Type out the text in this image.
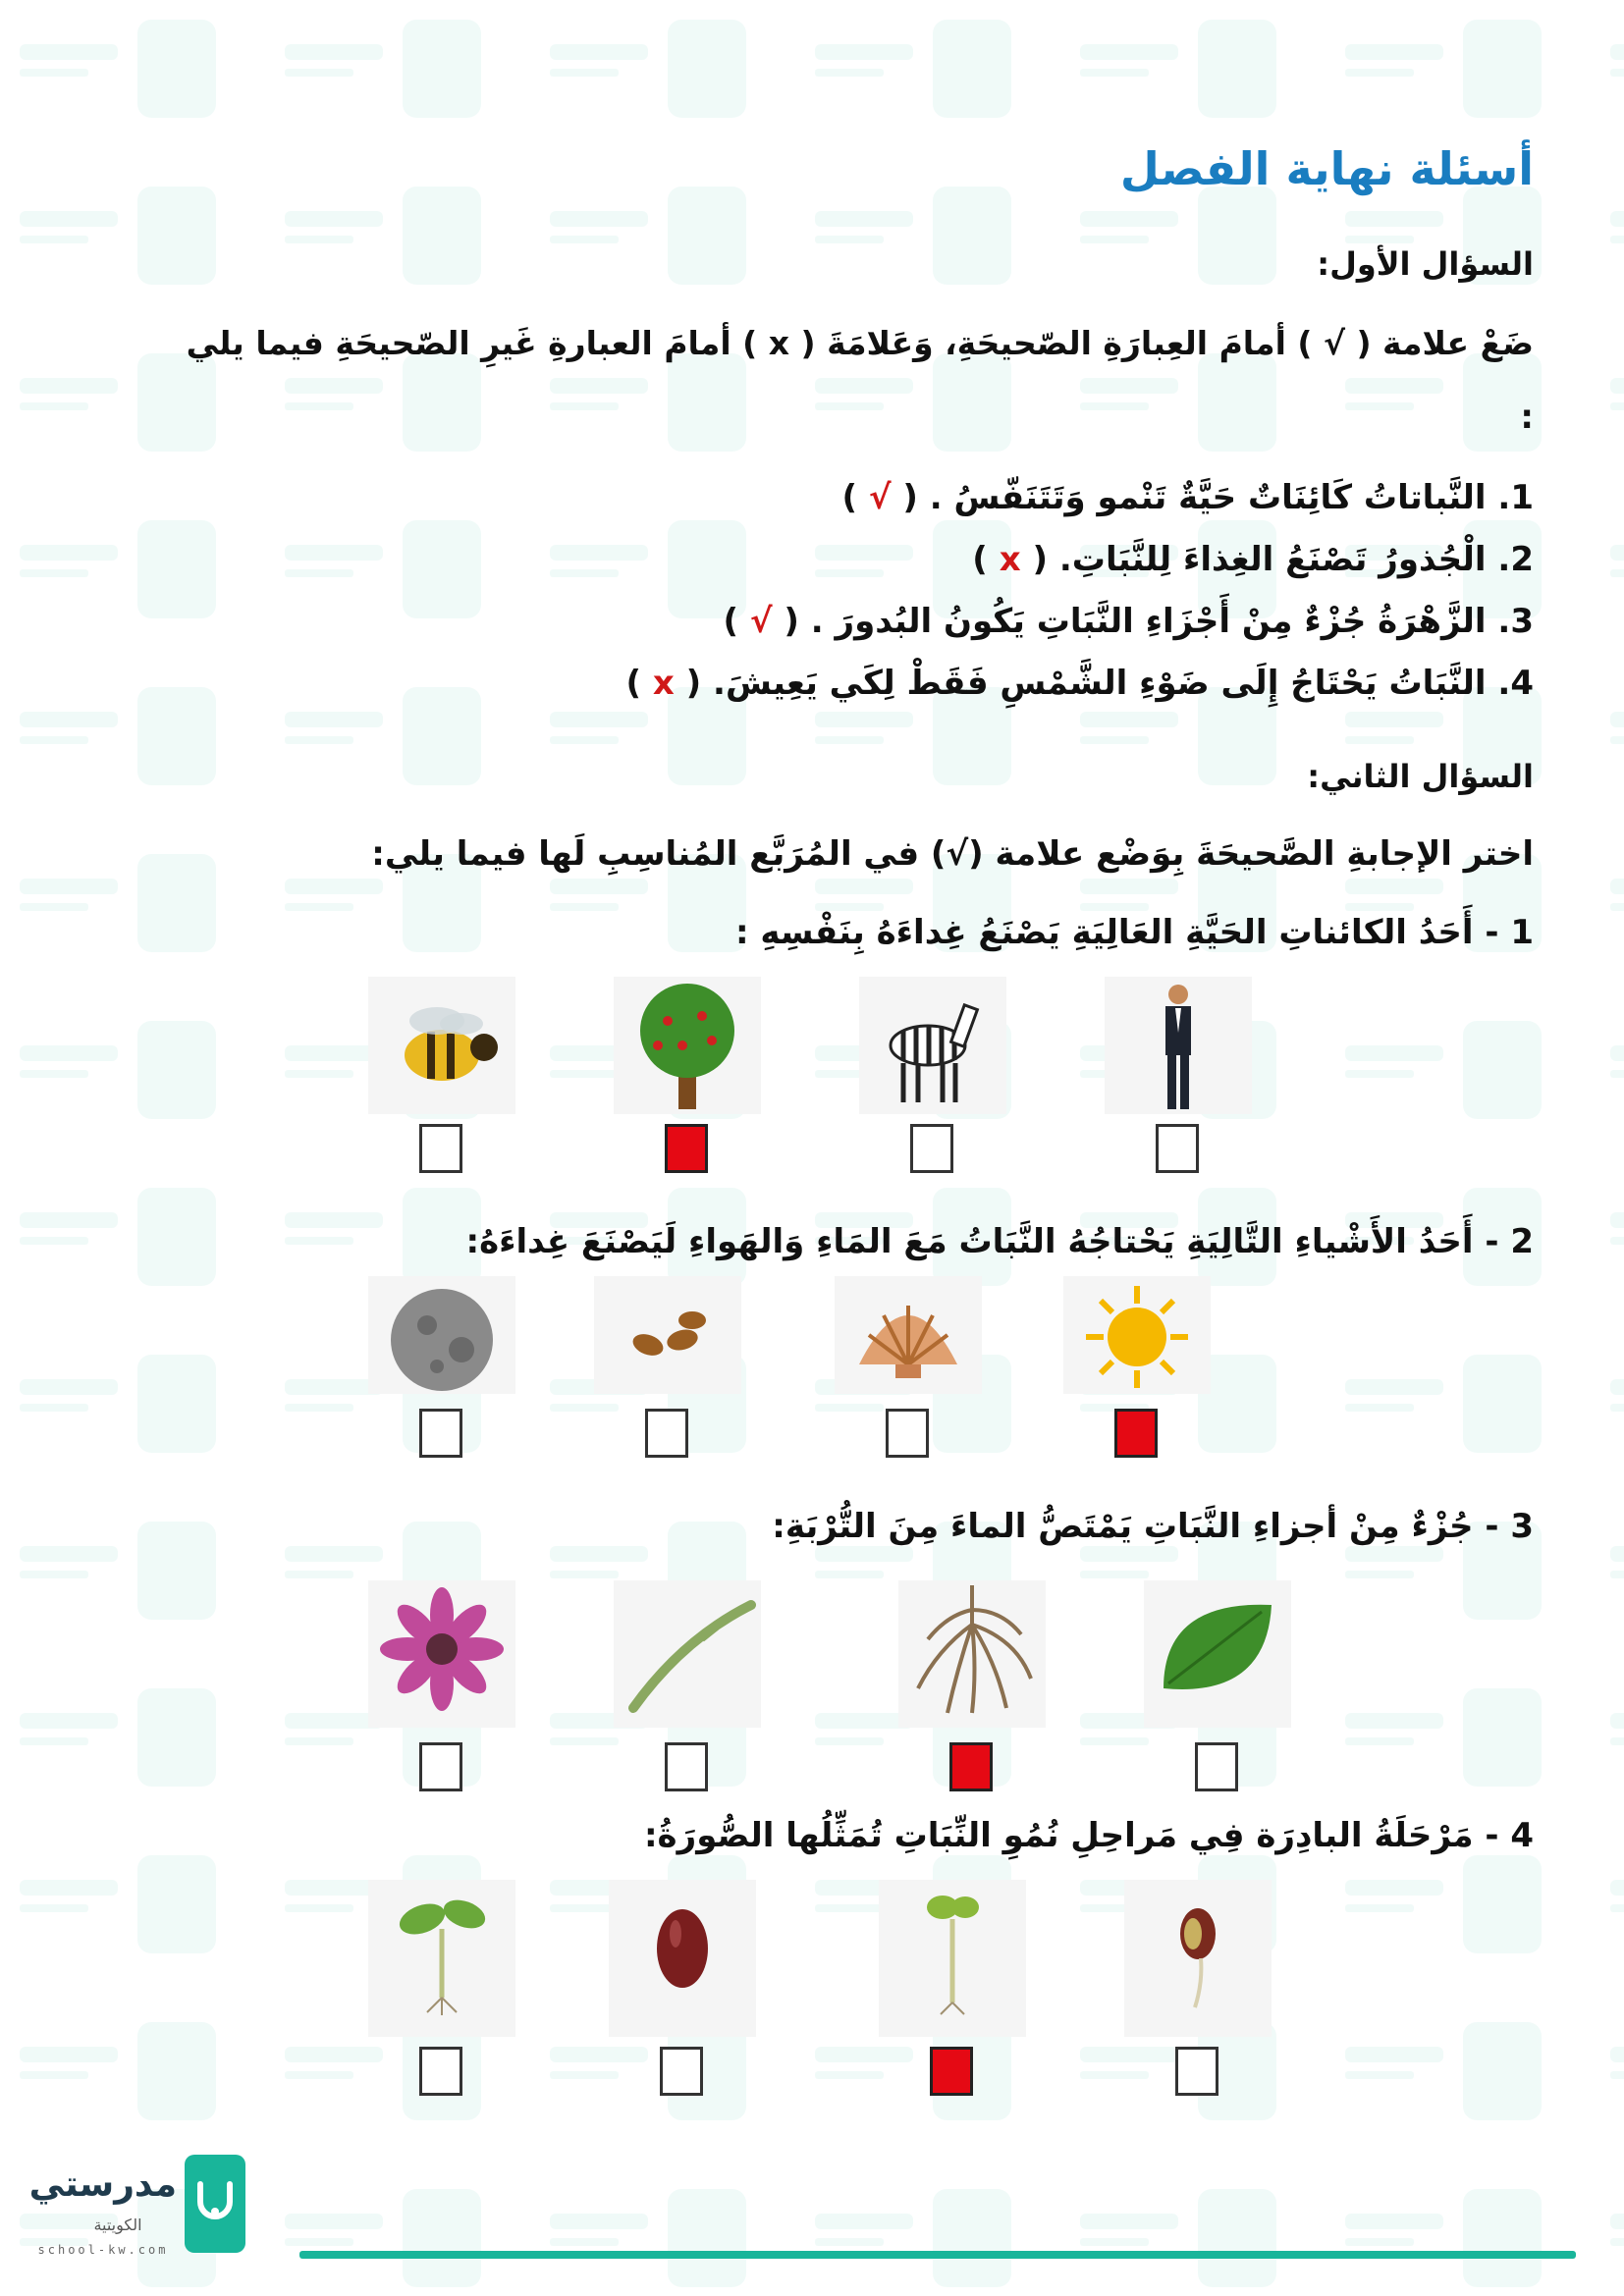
أسئلة نهاية الفصل
السؤال الأول:
ضَعْ علامة ( √ ) أمامَ العِبارَةِ الصّحيحَةِ، وَعَلامَةَ ( x ) أمامَ العبارةِ غَيرِ الصّحيحَةِ فيما يلي
:
1. النَّباتاتُ كَائِنَاتٌ حَيَّةٌ تَنْمو وَتَتَنَفّسُ . ( √ )
2. الْجُذورُ تَصْنَعُ الغِذاءَ لِلنَّبَاتِ. ( x )
3. الزَّهْرَةُ جُزْءٌ مِنْ أَجْزَاءِ النَّبَاتِ يَكُونُ البُدورَ . ( √ )
4. النَّبَاتُ يَحْتَاجُ إِلَى ضَوْءِ الشَّمْسِ فَقَطْ لِكَي يَعِيشَ. ( x )
السؤال الثاني:
اختر الإجابةِ الصَّحيحَةَ بِوَضْع علامة (√) في المُرَبَّع المُناسِبِ لَها فيما يلي:
1 - أَحَدُ الكائناتِ الحَيَّةِ العَالِيَةِ يَصْنَعُ غِداءَهُ بِنَفْسِهِ :
2 - أَحَدُ الأَشْياءِ التَّالِيَةِ يَحْتاجُهُ النَّبَاتُ مَعَ المَاءِ وَالهَواءِ لَيَصْنَعَ غِداءَهُ:
3 - جُزْءٌ مِنْ أجزاءِ النَّبَاتِ يَمْتَصُّ الماءَ مِنَ التُّرْبَةِ:
4 - مَرْحَلَةُ البادِرَة فِي مَراحِلِ نُمُوِ النِّبَاتِ تُمَثِّلُها الصُّورَةُ:
مدرستي
الكويتية
school-kw.com
